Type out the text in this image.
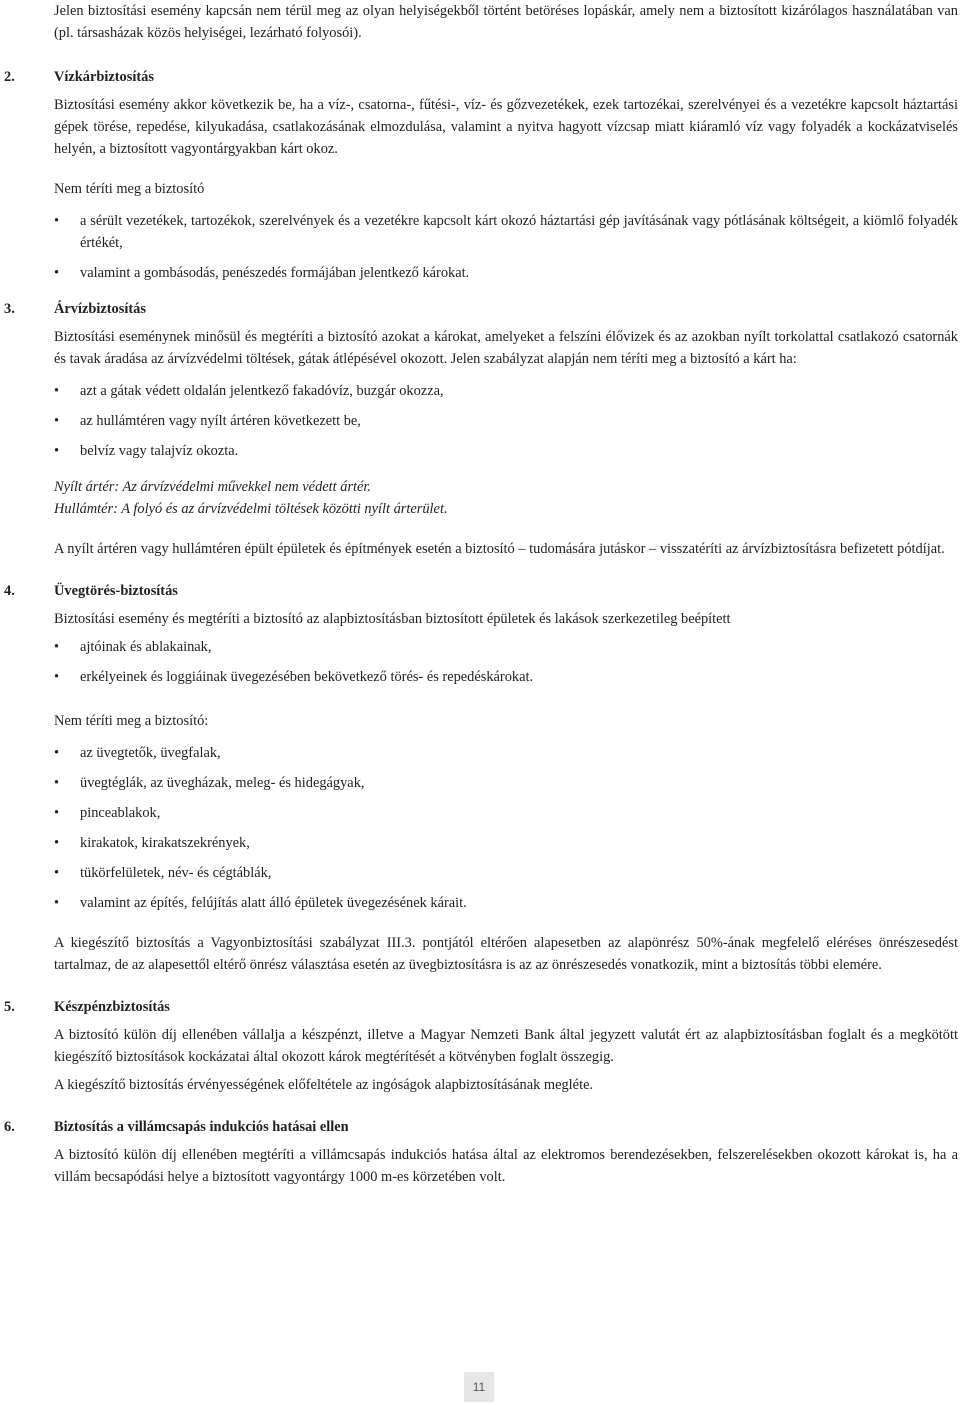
Jelen biztosítási esemény kapcsán nem térül meg az olyan helyiségekből történt betöréses lopáskár, amely nem a biztosított kizárólagos használatában van (pl. társasházak közös helyiségei, lezárható folyosói).

2.	Vízkárbiztosítás

Biztosítási esemény akkor következik be, ha a víz-, csatorna-, fűtési-, víz- és gőzvezetékek, ezek tartozékai, szerelvényei és a vezetékre kapcsolt háztartási gépek törése, repedése, kilyukadása, csatlakozásának elmozdulása, valamint a nyitva hagyott vízcsap miatt kiáramló víz vagy folyadék a kockázatviselés helyén, a biztosított vagyontárgyakban kárt okoz.

Nem téríti meg a biztosító

• a sérült vezetékek, tartozékok, szerelvények és a vezetékre kapcsolt kárt okozó háztartási gép javításának vagy pótlásának költségeit, a kiömlő folyadék értékét,
• valamint a gombásodás, penészedés formájában jelentkező károkat.
3.	Árvízbiztosítás

Biztosítási eseménynek minősül és megtéríti a biztosító azokat a károkat, amelyeket a felszíni élővizek és az azokban nyílt torkolattal csatlakozó csatornák és tavak áradása az árvízvédelmi töltések, gátak átlépésével okozott. Jelen szabályzat alapján nem téríti meg a biztosító a kárt ha:

• azt a gátak védett oldalán jelentkező fakadóvíz, buzgár okozza,
• az hullámtéren vagy nyílt ártéren következett be,
• belvíz vagy talajvíz okozta.

Nyílt ártér: Az árvízvédelmi művekkel nem védett ártér.

Hullámtér: A folyó és az árvízvédelmi töltések közötti nyílt árterület.

A nyílt ártéren vagy hullámtéren épült épületek és építmények esetén a biztosító – tudomására jutáskor – visszatéríti az árvízbiztosításra befizetett pótdíjat.

4.	Üvegtörés-biztosítás

Biztosítási esemény és megtéríti a biztosító az alapbiztosításban biztosított épületek és lakások szerkezetileg beépített

• ajtóinak és ablakainak,
• erkélyeinek és loggiáinak üvegezésében bekövetkező törés- és repedéskárokat.

Nem téríti meg a biztosító:

• az üvegtetők, üvegfalak,
• üvegtéglák, az üvegházak, meleg- és hidegágyak,
• pinceablakok,
• kirakatok, kirakatszekrények,
• tükörfelületek, név- és cégtáblák,
• valamint az építés, felújítás alatt álló épületek üvegezésének kárait.

A kiegészítő biztosítás a Vagyonbiztosítási szabályzat III.3. pontjától eltérően alapesetben az alapönrész 50%-ának megfelelő eléréses önrészesedést tartalmaz, de az alapesettől eltérő önrész választása esetén az üvegbiztosításra is az az önrészesedés vonatkozik, mint a biztosítás többi elemére.

5.	Készpénzbiztosítás

A biztosító külön díj ellenében vállalja a készpénzt, illetve a Magyar Nemzeti Bank által jegyzett valutát ért az alapbiztosításban foglalt és a megkötött kiegészítő biztosítások kockázatai által okozott károk megtérítését a kötvényben foglalt összegig.

A kiegészítő biztosítás érvényességének előfeltétele az ingóságok alapbiztosításának megléte.

6.	Biztosítás a villámcsapás indukciós hatásai ellen

A biztosító külön díj ellenében megtéríti a villámcsapás indukciós hatása által az elektromos berendezésekben, felszerelésekben okozott károkat is, ha a villám becsapódási helye a biztosított vagyontárgy 1000 m-es körzetében volt.

11
